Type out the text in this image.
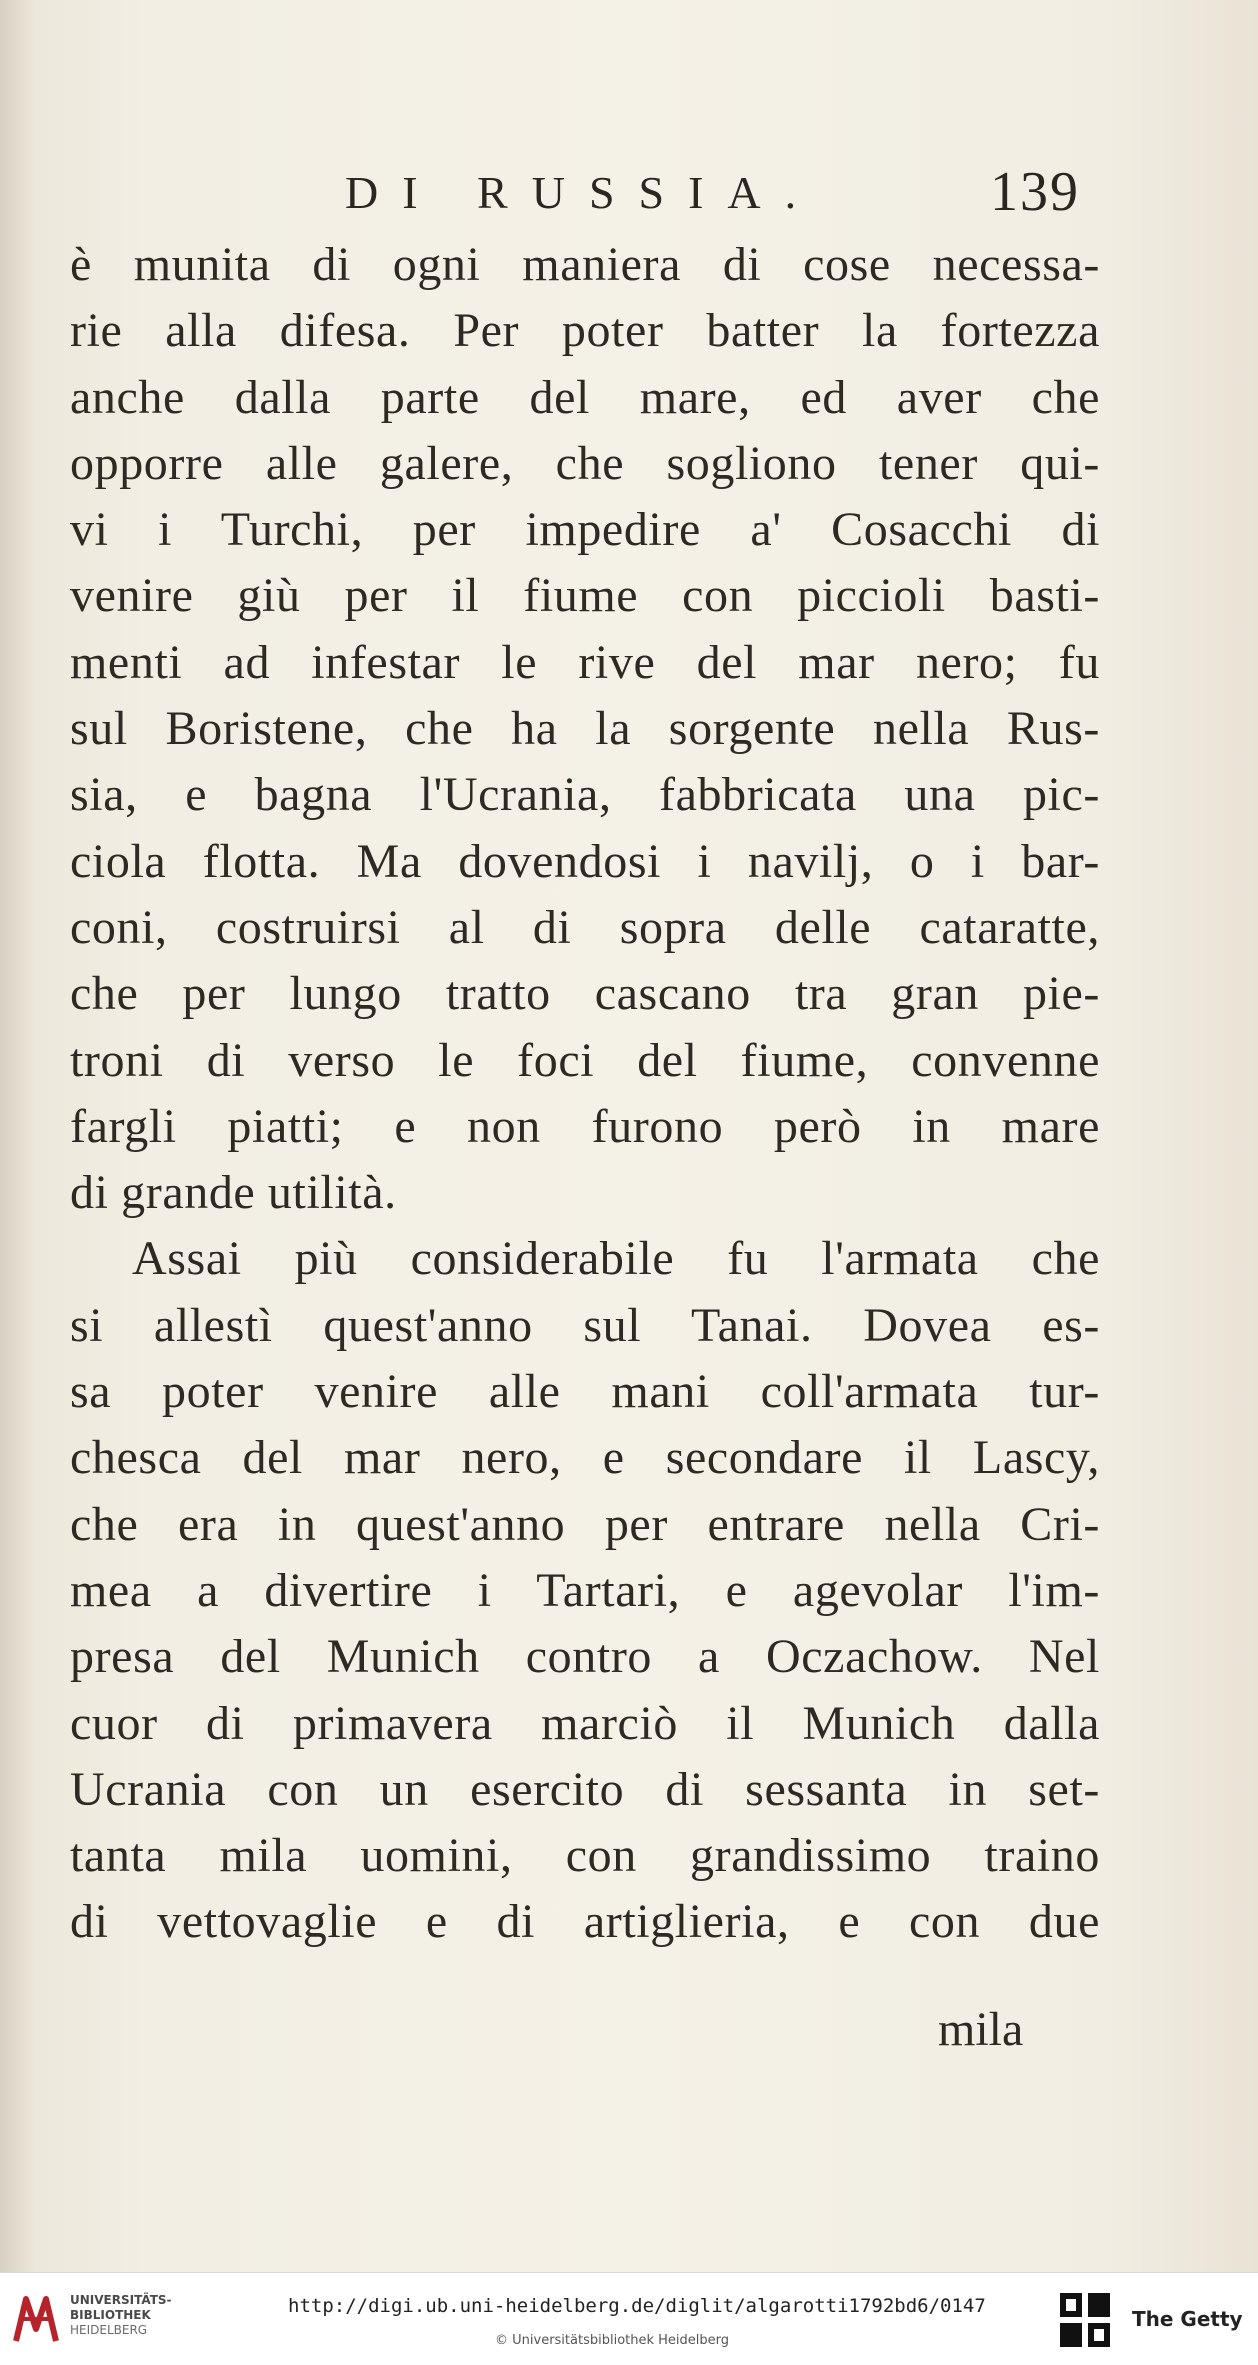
DI RUSSIA.	139
è munita di ogni maniera di cose necessa-
rie alla difesa. Per poter batter la fortezza
anche dalla parte del mare, ed aver che
opporre alle galere, che sogliono tener qui-
vi i Turchi, per impedire a' Cosacchi di
venire giù per il fiume con piccioli basti-
menti ad infestar le rive del mar nero; fu
sul Boristene, che ha la sorgente nella Rus-
sia, e bagna l'Ucrania, fabbricata una pic-
ciola flotta. Ma dovendosi i navilj, o i bar-
coni, costruirsi al di sopra delle cataratte,
che per lungo tratto cascano tra gran pie-
troni di verso le foci del fiume, convenne
fargli piatti; e non furono però in mare
di grande utilità.
Assai più considerabile fu l'armata che
si allestì quest'anno sul Tanai. Dovea es-
sa poter venire alle mani coll'armata tur-
chesca del mar nero, e secondare il Lascy,
che era in quest'anno per entrare nella Cri-
mea a divertire i Tartari, e agevolar l'im-
presa del Munich contro a Oczachow. Nel
cuor di primavera marciò il Munich dalla
Ucrania con un esercito di sessanta in set-
tanta mila uomini, con grandissimo traino
di vettovaglie e di artiglieria, e con due
mila
UNIVERSITÄTS-
BIBLIOTHEK
HEIDELBERG
http://digi.ub.uni-heidelberg.de/diglit/algarotti1792bd6/0147
© Universitätsbibliothek Heidelberg
The Getty
